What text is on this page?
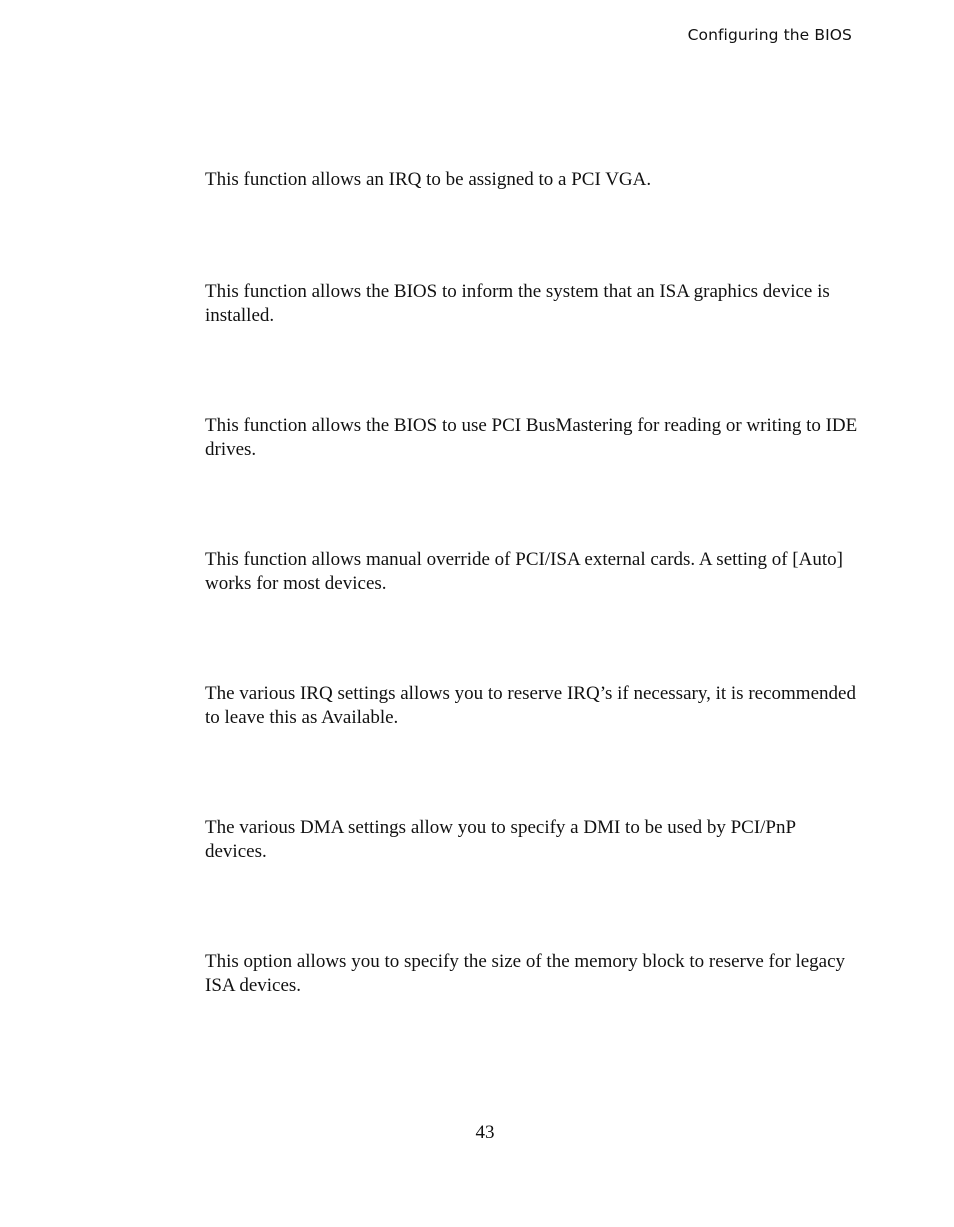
Configuring the BIOS

This function allows an IRQ to be assigned to a PCI VGA.

This function allows the BIOS to inform the system that an ISA graphics device is installed.

This function allows the BIOS to use PCI BusMastering for reading or writing to IDE drives.

This function allows manual override of PCI/ISA external cards. A setting of [Auto] works for most devices.

The various IRQ settings allows you to reserve IRQ’s if necessary, it is recommended to leave this as Available.

The various DMA settings allow you to specify a DMI to be used by PCI/PnP devices.

This option allows you to specify the size of the memory block to reserve for legacy ISA devices.

43
